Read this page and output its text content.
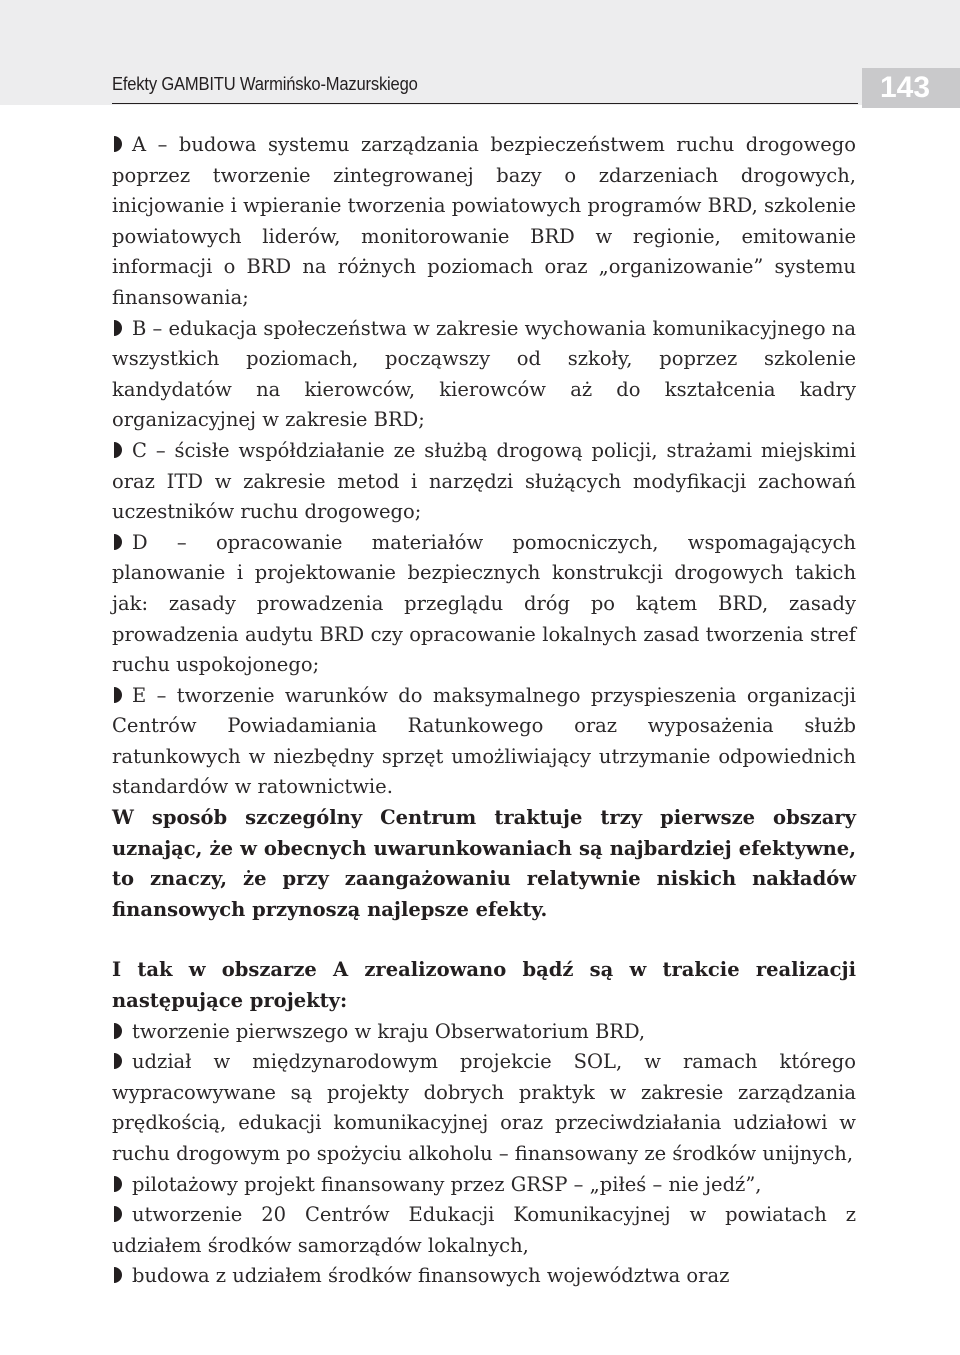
Efekty GAMBITU Warmińsko-Mazurskiego	143

A – budowa systemu zarządzania bezpieczeństwem ruchu drogowego poprzez tworzenie zintegrowanej bazy o zdarzeniach drogowych, inicjowanie i wpieranie tworzenia powiatowych programów BRD, szkolenie powiatowych liderów, monitorowanie BRD w regionie, emitowanie informacji o BRD na różnych poziomach oraz „organizowanie” systemu finansowania;

B – edukacja społeczeństwa w zakresie wychowania komunikacyjnego na wszystkich poziomach, począwszy od szkoły, poprzez szkolenie kandydatów na kierowców, kierowców aż do kształcenia kadry organizacyjnej w zakresie BRD;

C – ścisłe współdziałanie ze służbą drogową policji, strażami miejskimi oraz ITD w zakresie metod i narzędzi służących modyfikacji zachowań uczestników ruchu drogowego;

D – opracowanie materiałów pomocniczych, wspomagających planowanie i projektowanie bezpiecznych konstrukcji drogowych takich jak: zasady prowadzenia przeglądu dróg po kątem BRD, zasady prowadzenia audytu BRD czy opracowanie lokalnych zasad tworzenia stref ruchu uspokojonego;

E – tworzenie warunków do maksymalnego przyspieszenia organizacji Centrów Powiadamiania Ratunkowego oraz wyposażenia służb ratunkowych w niezbędny sprzęt umożliwiający utrzymanie odpowiednich standardów w ratownictwie.

W sposób szczególny Centrum traktuje trzy pierwsze obszary uznając, że w obecnych uwarunkowaniach są najbardziej efektywne, to znaczy, że przy zaangażowaniu relatywnie niskich nakładów finansowych przynoszą najlepsze efekty.

I tak w obszarze A zrealizowano bądź są w trakcie realizacji następujące projekty:

tworzenie pierwszego w kraju Obserwatorium BRD,

udział w międzynarodowym projekcie SOL, w ramach którego wypracowywane są projekty dobrych praktyk w zakresie zarządzania prędkością, edukacji komunikacyjnej oraz przeciwdziałania udziałowi w ruchu drogowym po spożyciu alkoholu – finansowany ze środków unijnych,

pilotażowy projekt finansowany przez GRSP – „piłeś – nie jedź”,

utworzenie 20 Centrów Edukacji Komunikacyjnej w powiatach z udziałem środków samorządów lokalnych,

budowa z udziałem środków finansowych województwa oraz
